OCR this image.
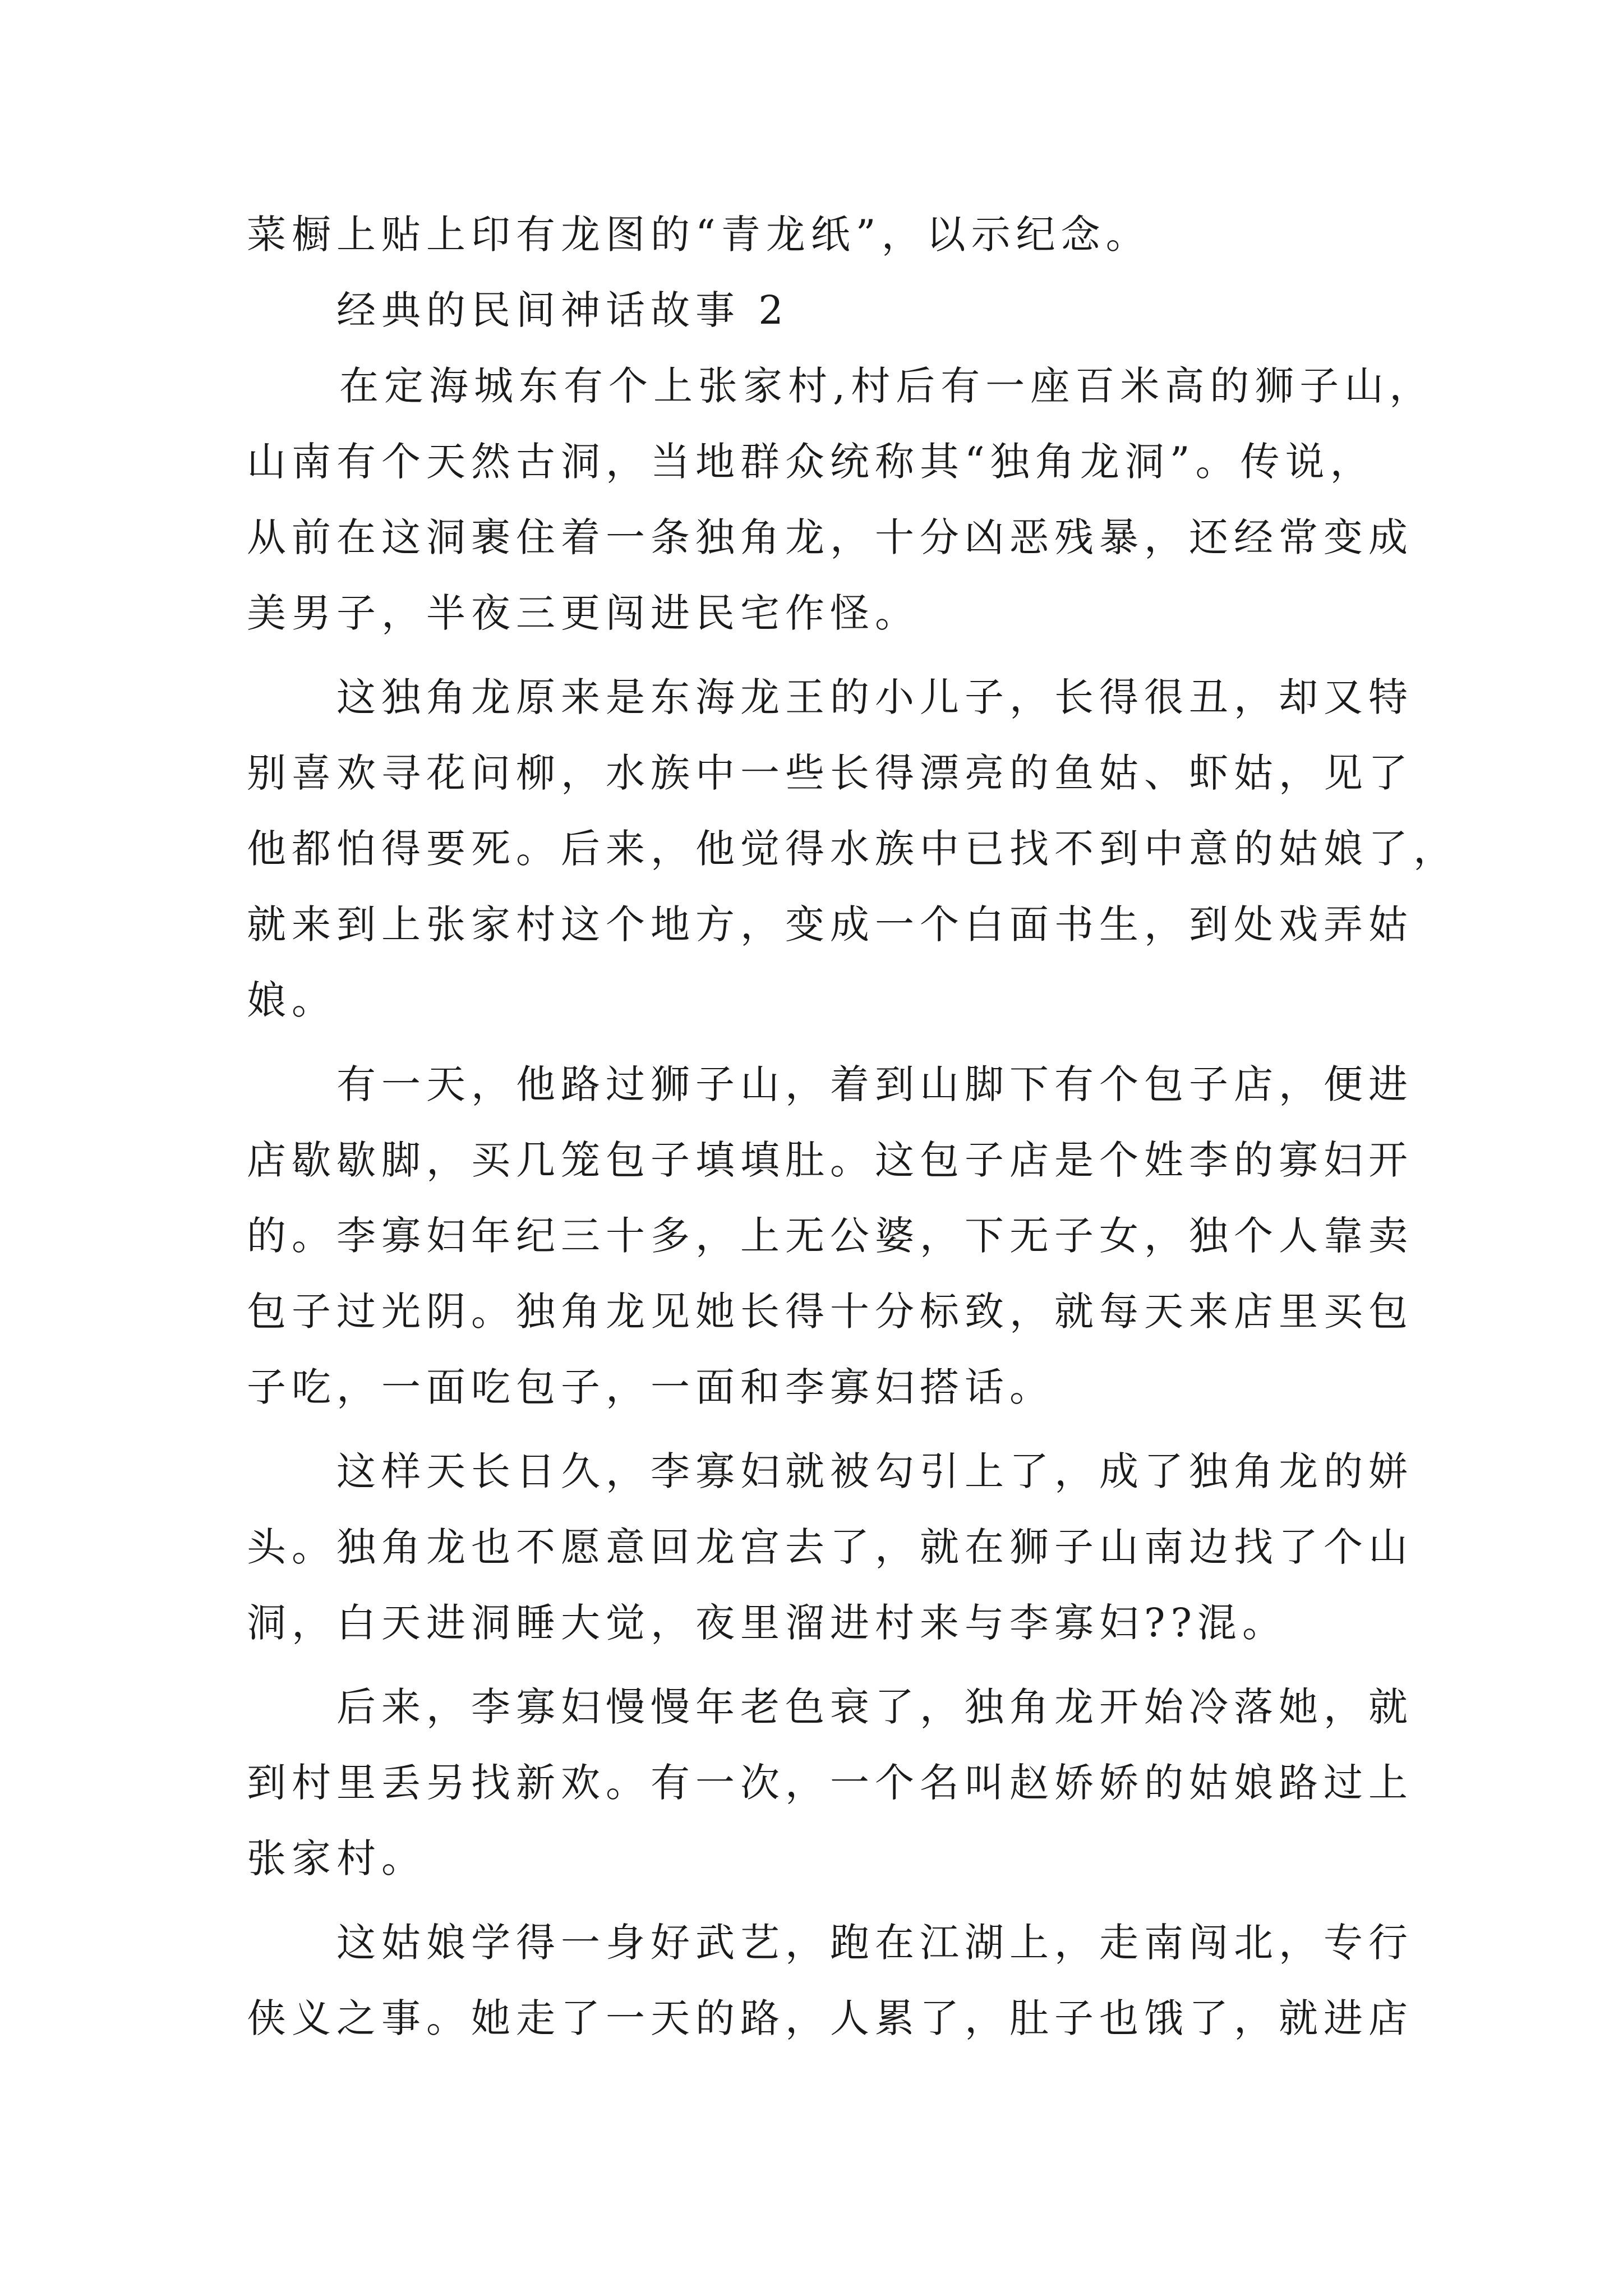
菜橱上贴上印有龙图的“青龙纸”，以示纪念。
经典的民间神话故事 2
在定海城东有个上张家村,村后有一座百米高的狮子山，
山南有个天然古洞，当地群众统称其“独角龙洞”。传说，
从前在这洞裹住着一条独角龙，十分凶恶残暴，还经常变成
美男子，半夜三更闯进民宅作怪。
这独角龙原来是东海龙王的小儿子，长得很丑，却又特
别喜欢寻花问柳，水族中一些长得漂亮的鱼姑、虾姑，见了
他都怕得要死。后来，他觉得水族中已找不到中意的姑娘了，
就来到上张家村这个地方，变成一个白面书生，到处戏弄姑
娘。
有一天，他路过狮子山，着到山脚下有个包子店，便进
店歇歇脚，买几笼包子填填肚。这包子店是个姓李的寡妇开
的。李寡妇年纪三十多，上无公婆，下无子女，独个人靠卖
包子过光阴。独角龙见她长得十分标致，就每天来店里买包
子吃，一面吃包子，一面和李寡妇搭话。
这样天长日久，李寡妇就被勾引上了，成了独角龙的姘
头。独角龙也不愿意回龙宫去了，就在狮子山南边找了个山
洞，白天进洞睡大觉，夜里溜进村来与李寡妇??混。
后来，李寡妇慢慢年老色衰了，独角龙开始冷落她，就
到村里丢另找新欢。有一次，一个名叫赵娇娇的姑娘路过上
张家村。
这姑娘学得一身好武艺，跑在江湖上，走南闯北，专行
侠义之事。她走了一天的路，人累了，肚子也饿了，就进店
